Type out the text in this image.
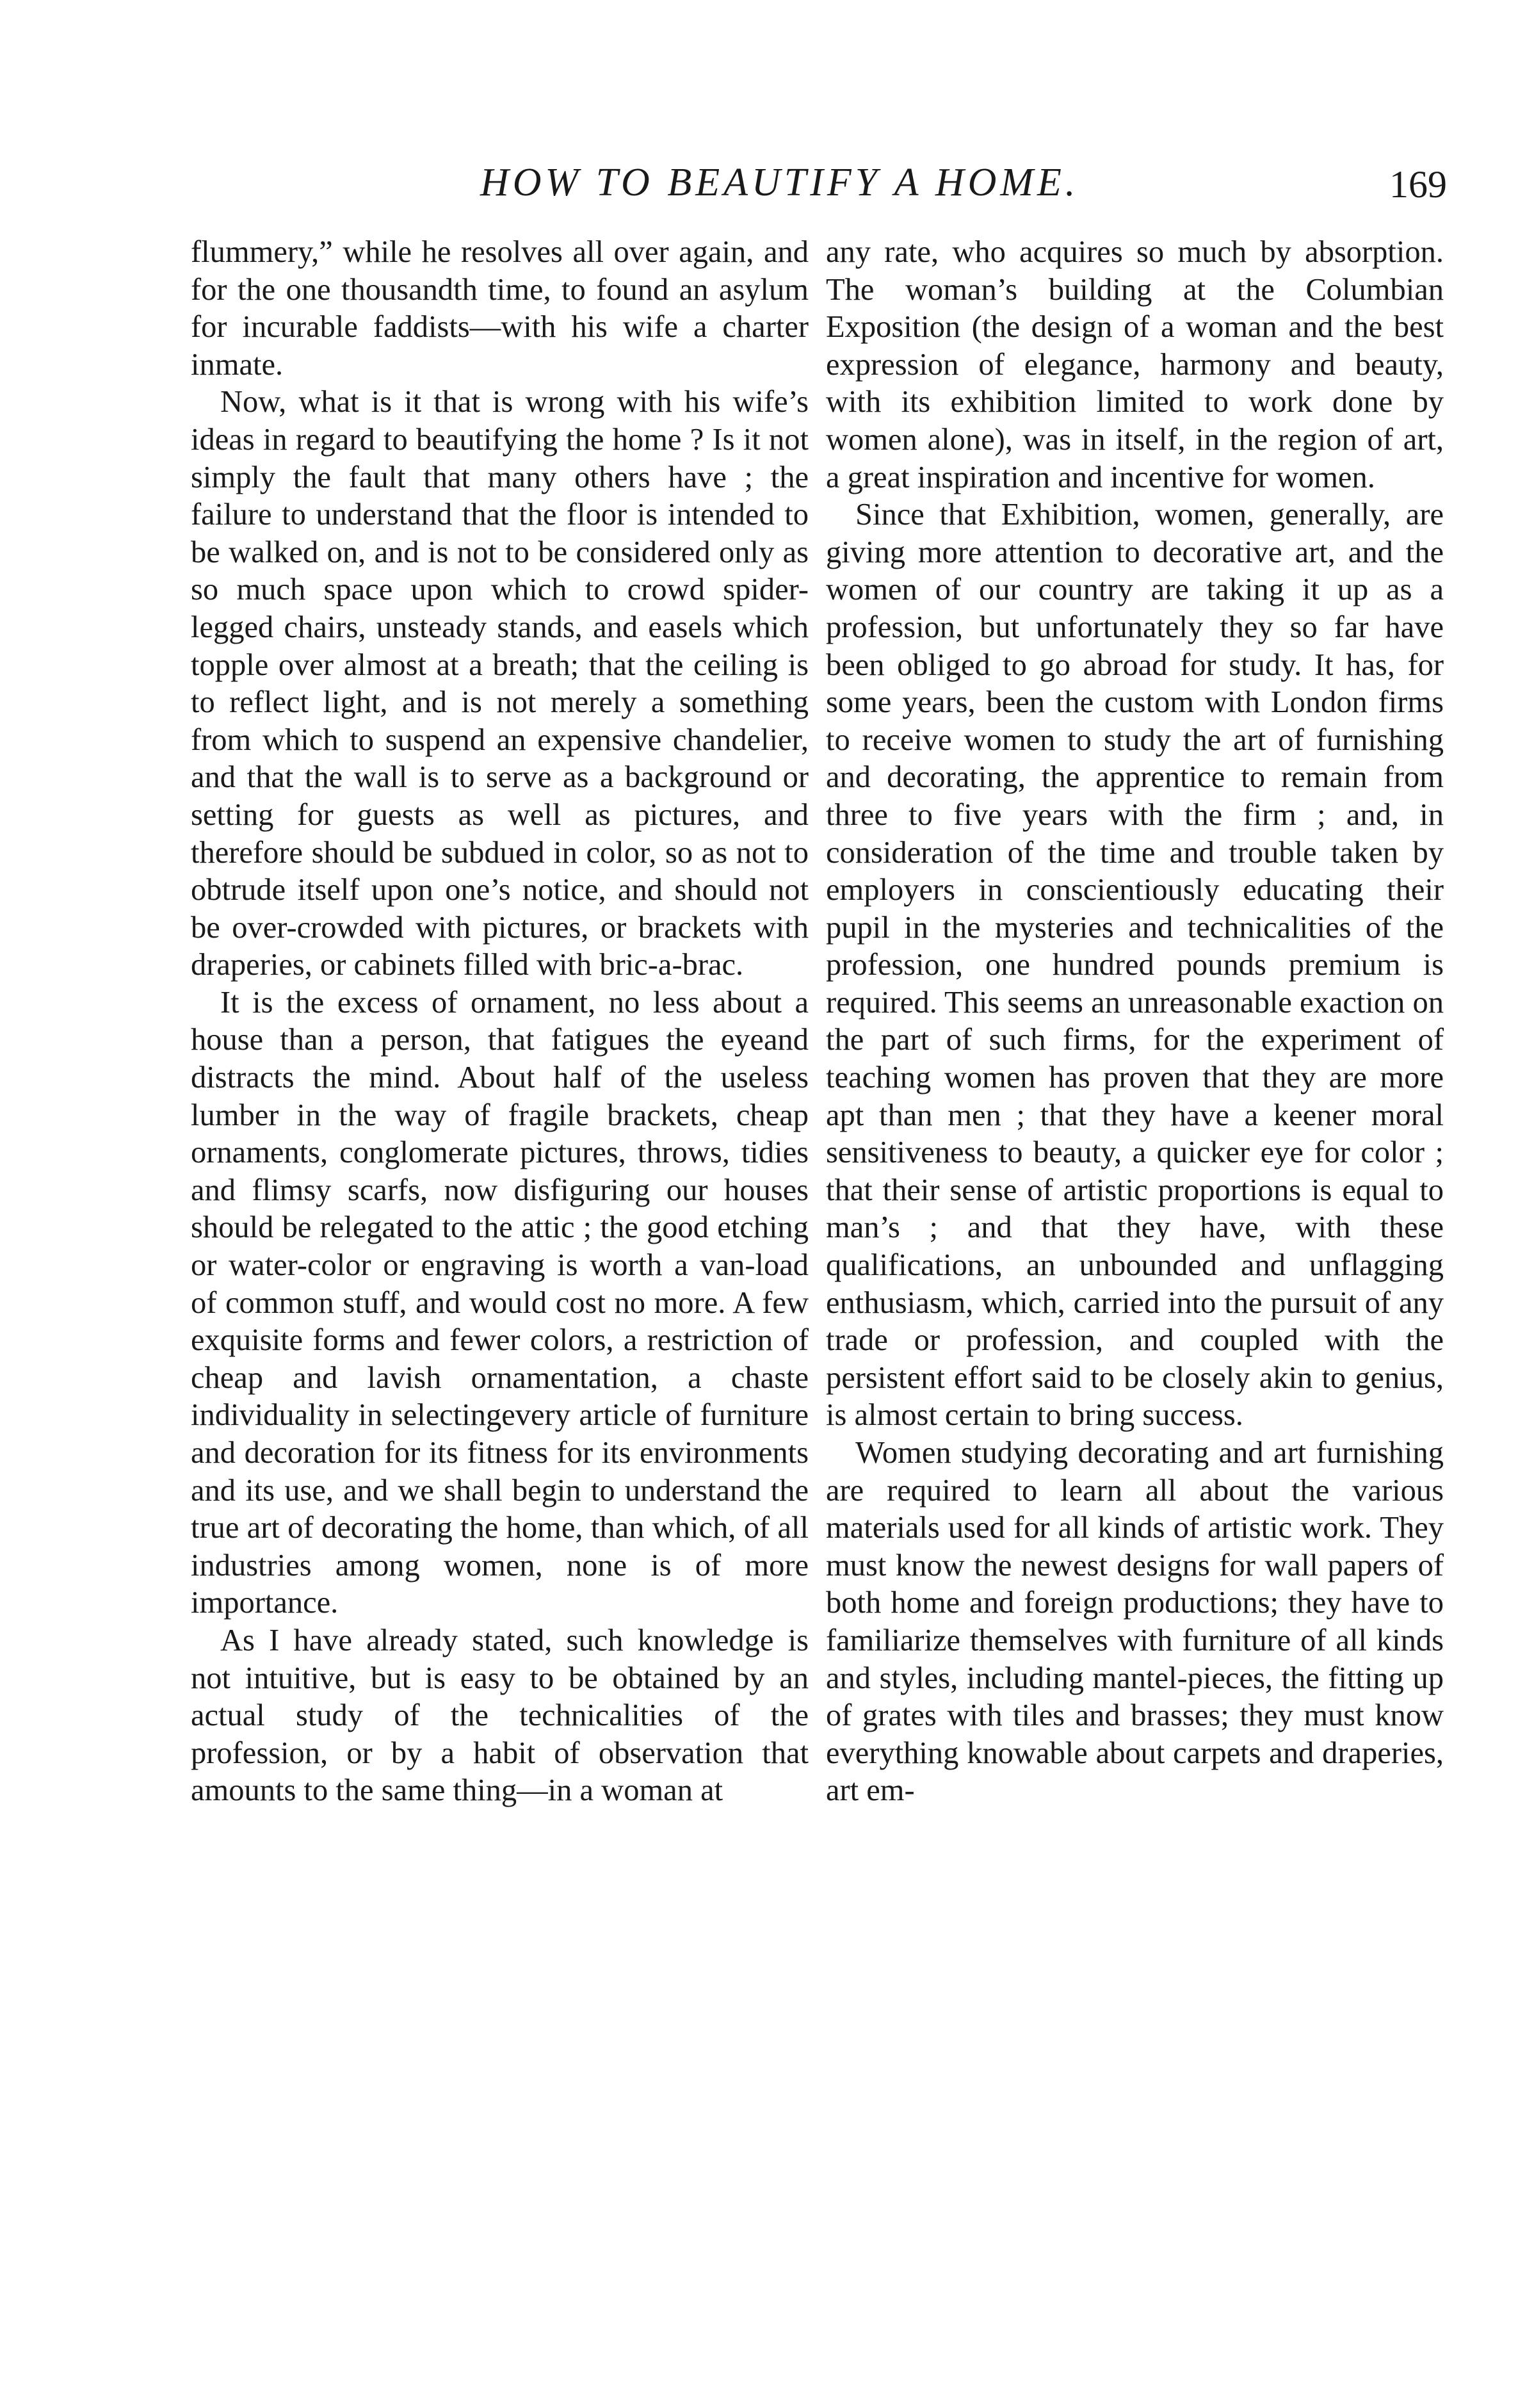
HOW TO BEAUTIFY A HOME.	169

flummery,” while he resolves all over again, and for the one thousandth time, to found an asylum for incurable faddists—with his wife a charter inmate.

Now, what is it that is wrong with his wife’s ideas in regard to beautifying the home ? Is it not simply the fault that many others have ; the failure to understand that the floor is intended to be walked on, and is not to be considered only as so much space upon which to crowd spider-legged chairs, unsteady stands, and easels which topple over almost at a breath; that the ceiling is to reflect light, and is not merely a something from which to suspend an expensive chandelier, and that the wall is to serve as a background or setting for guests as well as pictures, and therefore should be subdued in color, so as not to obtrude itself upon one’s notice, and should not be over-crowded with pictures, or brackets with draperies, or cabinets filled with bric-a-brac.

It is the excess of ornament, no less about a house than a person, that fatigues the eyeand distracts the mind. About half of the useless lumber in the way of fragile brackets, cheap ornaments, conglomerate pictures, throws, tidies and flimsy scarfs, now disfiguring our houses should be relegated to the attic ; the good etching or water-color or engraving is worth a van-load of common stuff, and would cost no more. A few exquisite forms and fewer colors, a restriction of cheap and lavish ornamentation, a chaste individuality in selectingevery article of furniture and decoration for its fitness for its environments and its use, and we shall begin to understand the true art of decorating the home, than which, of all industries among women, none is of more importance.

As I have already stated, such knowledge is not intuitive, but is easy to be obtained by an actual study of the technicalities of the profession, or by a habit of observation that amounts to the same thing—in a woman at

any rate, who acquires so much by absorption. The woman’s building at the Columbian Exposition (the design of a woman and the best expression of elegance, harmony and beauty, with its exhibition limited to work done by women alone), was in itself, in the region of art, a great inspiration and incentive for women.

Since that Exhibition, women, generally, are giving more attention to decorative art, and the women of our country are taking it up as a profession, but unfortunately they so far have been obliged to go abroad for study. It has, for some years, been the custom with London firms to receive women to study the art of furnishing and decorating, the apprentice to remain from three to five years with the firm ; and, in consideration of the time and trouble taken by employers in conscientiously educating their pupil in the mysteries and technicalities of the profession, one hundred pounds premium is required. This seems an unreasonable exaction on the part of such firms, for the experiment of teaching women has proven that they are more apt than men ; that they have a keener moral sensitiveness to beauty, a quicker eye for color ; that their sense of artistic proportions is equal to man’s ; and that they have, with these qualifications, an unbounded and unflagging enthusiasm, which, carried into the pursuit of any trade or profession, and coupled with the persistent effort said to be closely akin to genius, is almost certain to bring success.

Women studying decorating and art furnishing are required to learn all about the various materials used for all kinds of artistic work. They must know the newest designs for wall papers of both home and foreign productions; they have to familiarize themselves with furniture of all kinds and styles, including mantel-pieces, the fitting up of grates with tiles and brasses; they must know everything knowable about carpets and draperies, art em-
